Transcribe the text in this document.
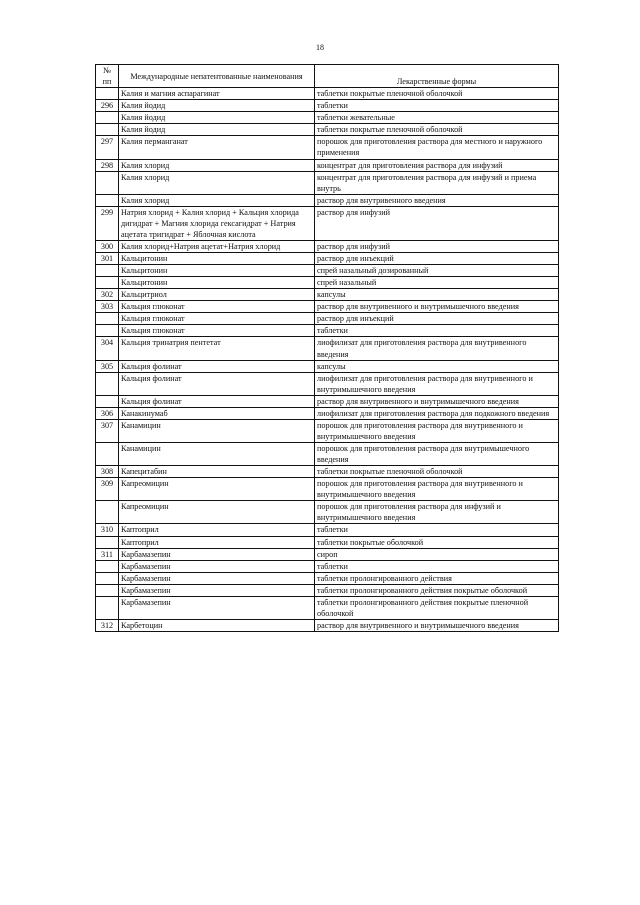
18
№
пп	Международные непатентованные наименования	Лекарственные формы

	Калия и магния аспарагинат	таблетки покрытые пленочной оболочкой
296	Калия йодид	таблетки
	Калия йодид	таблетки жевательные
	Калия йодид	таблетки покрытые пленочной оболочкой
297	Калия перманганат	порошок для приготовления раствора для местного и наружного применения
298	Калия хлорид	концентрат для приготовления раствора для инфузий
	Калия хлорид	концентрат для приготовления раствора для инфузий и приема внутрь
	Калия хлорид	раствор для внутривенного введения
299	Натрия хлорид + Калия хлорид + Кальция хлорида дигидрат + Магния хлорида гексагидрат + Натрия ацетата тригидрат + Яблочная кислота	раствор для инфузий
300	Калия хлорид+Натрия ацетат+Натрия хлорид	раствор для инфузий
301	Кальцитонин	раствор для инъекций
	Кальцитонин	спрей назальный дозированный
	Кальцитонин	спрей назальный
302	Кальцитриол	капсулы
303	Кальция глюконат	раствор для внутривенного и внутримышечного введения
	Кальция глюконат	раствор для инъекций
	Кальция глюконат	таблетки
304	Кальция тринатрия пентетат	лиофилизат для приготовления раствора для внутривенного введения
305	Кальция фолинат	капсулы
	Кальция фолинат	лиофилизат для приготовления раствора для внутривенного и внутримышечного введения
	Кальция фолинат	раствор для внутривенного и внутримышечного введения
306	Канакинумаб	лиофилизат для приготовления раствора для подкожного введения
307	Канамицин	порошок для приготовления раствора для внутривенного и внутримышечного введения
	Канамицин	порошок для приготовления раствора для внутримышечного введения
308	Капецитабин	таблетки покрытые пленочной оболочкой
309	Капреомицин	порошок для приготовления раствора для внутривенного и внутримышечного введения
	Капреомицин	порошок для приготовления раствора для инфузий и внутримышечного введения
310	Каптоприл	таблетки
	Каптоприл	таблетки покрытые оболочкой
311	Карбамазепин	сироп
	Карбамазепин	таблетки
	Карбамазепин	таблетки пролонгированного действия
	Карбамазепин	таблетки пролонгированного действия покрытые оболочкой
	Карбамазепин	таблетки пролонгированного действия покрытые пленочной оболочкой
312	Карбетоцин	раствор для внутривенного и внутримышечного введения
